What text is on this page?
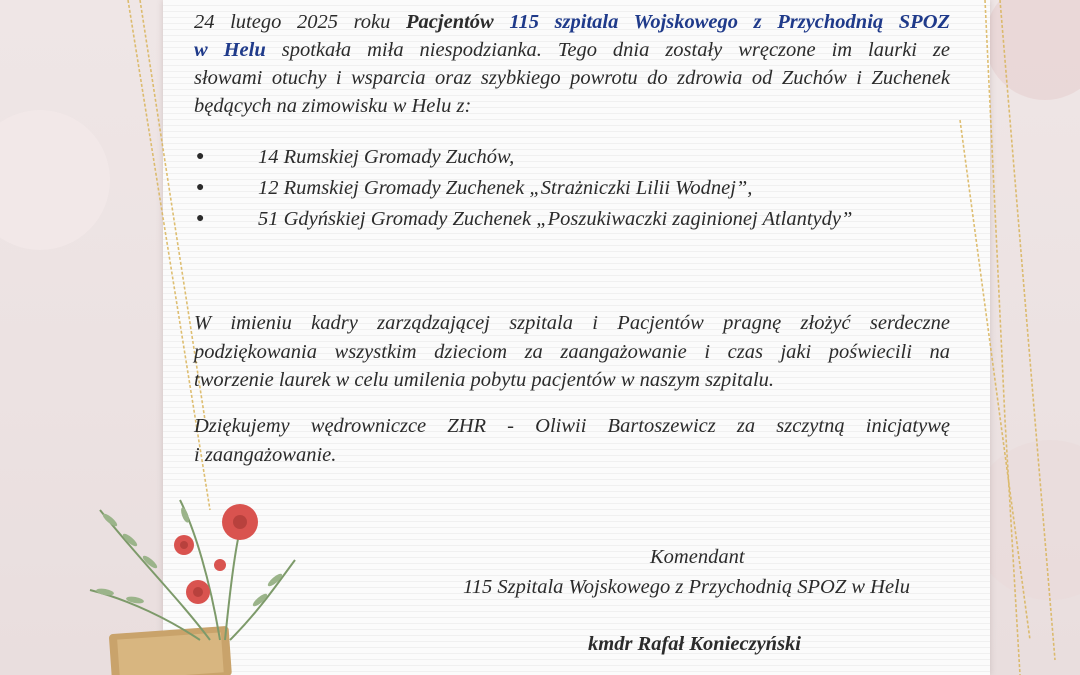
24 lutego 2025 roku Pacjentów 115 szpitala Wojskowego z Przychodnią SPOZ
w Helu spotkała miła niespodzianka. Tego dnia zostały wręczone im laurki ze
słowami otuchy i wsparcia oraz szybkiego powrotu do zdrowia od Zuchów i Zuchenek
będących na zimowisku w Helu z:
●	14 Rumskiej Gromady Zuchów,
●	12 Rumskiej Gromady Zuchenek „Strażniczki Lilii Wodnej”,
●	51 Gdyńskiej Gromady Zuchenek „Poszukiwaczki zaginionej Atlantydy”
W imieniu kadry zarządzającej szpitala i Pacjentów pragnę złożyć serdeczne
podziękowania wszystkim dzieciom za zaangażowanie i czas jaki poświecili na
tworzenie laurek w celu umilenia pobytu pacjentów w naszym szpitalu.
Dziękujemy wędrowniczce ZHR - Oliwii Bartoszewicz za szczytną inicjatywę
i zaangażowanie.
Komendant
115 Szpitala Wojskowego z Przychodnią SPOZ w Helu
kmdr Rafał Konieczyński
